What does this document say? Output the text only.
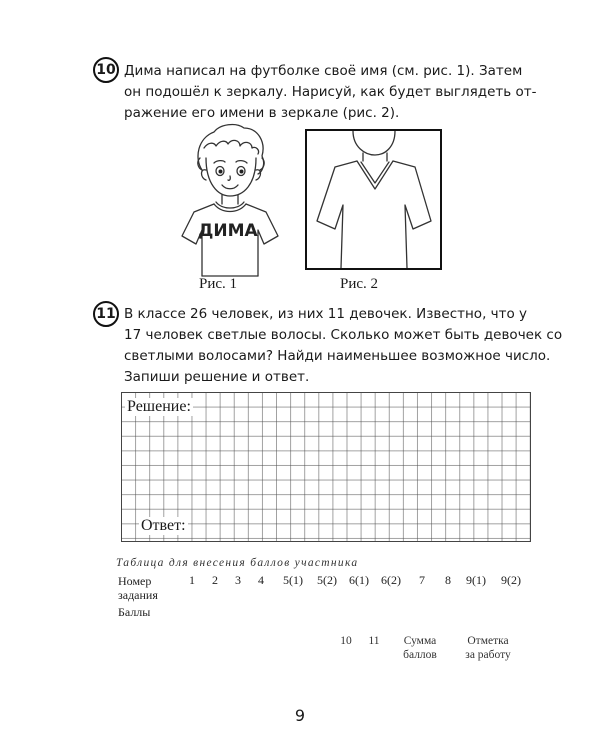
10 Дима написал на футболке своё имя (см. рис. 1). Затем
он подошёл к зеркалу. Нарисуй, как будет выглядеть от-
ражение его имени в зеркале (рис. 2).
ДИМА
Рис. 1	Рис. 2
11 В классе 26 человек, из них 11 девочек. Известно, что у
17 человек светлые волосы. Сколько может быть девочек со
светлыми волосами? Найди наименьшее возможное число.
Запиши решение и ответ.
Решение:
Ответ:
Таблица для внесения баллов участника
Номер
задания
1 2 3 4 5(1) 5(2) 6(1) 6(2) 7 8 9(1) 9(2)
Баллы
10 11 Сумма
баллов
Отметка
за работу
9
